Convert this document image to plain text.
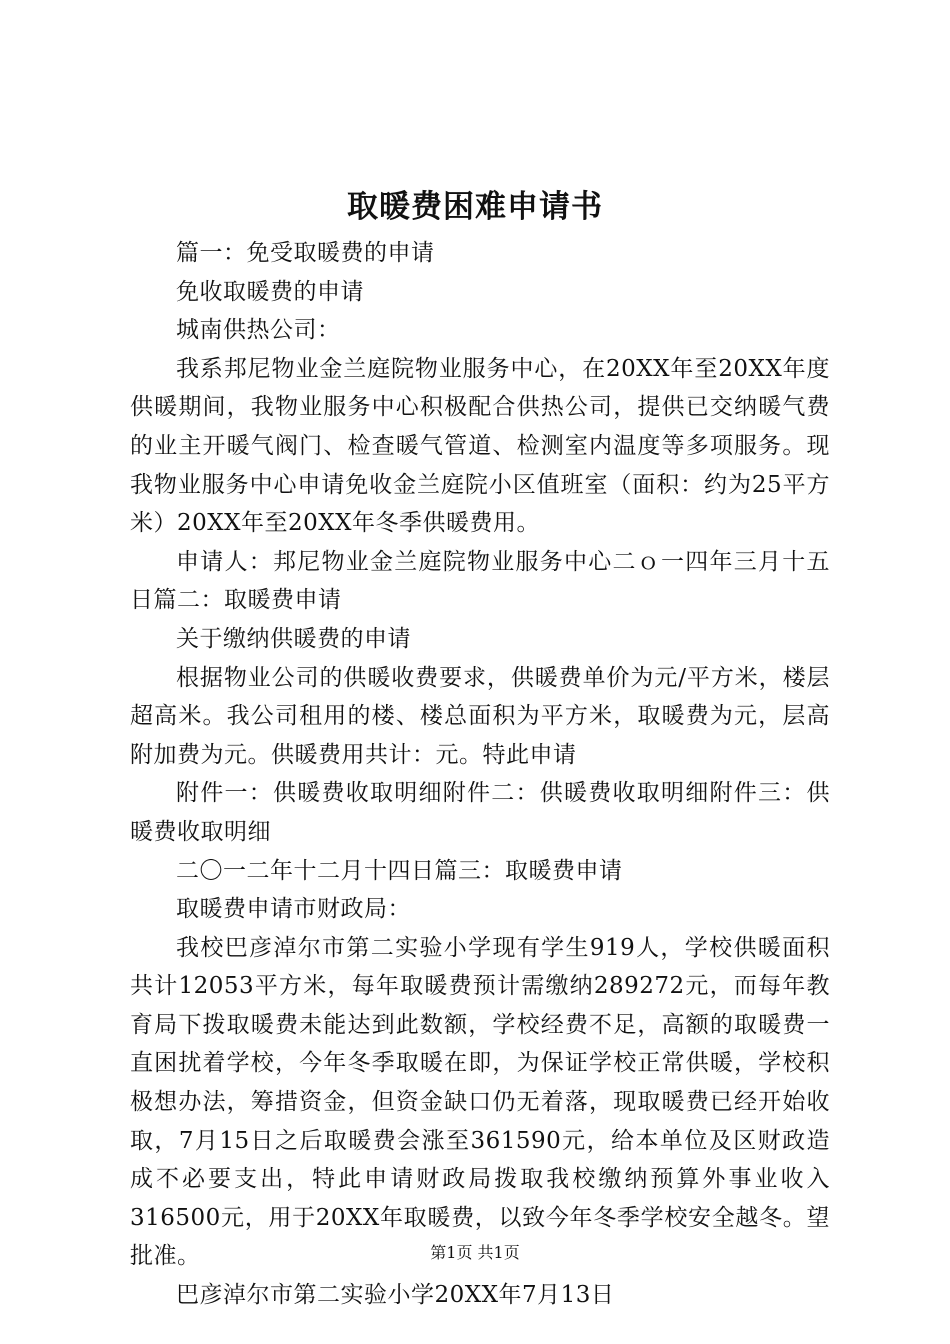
取暖费困难申请书

篇一：免受取暖费的申请

免收取暖费的申请

城南供热公司：

我系邦尼物业金兰庭院物业服务中心，在20XX年至20XX年度供暖期间，我物业服务中心积极配合供热公司，提供已交纳暖气费的业主开暖气阀门、检查暖气管道、检测室内温度等多项服务。现我物业服务中心申请免收金兰庭院小区值班室（面积：约为25平方米）20XX年至20XX年冬季供暖费用。

申请人：邦尼物业金兰庭院物业服务中心二ｏ一四年三月十五日篇二：取暖费申请

关于缴纳供暖费的申请

根据物业公司的供暖收费要求，供暖费单价为元/平方米，楼层超高米。我公司租用的楼、楼总面积为平方米，取暖费为元，层高附加费为元。供暖费用共计：元。特此申请

附件一：供暖费收取明细附件二：供暖费收取明细附件三：供暖费收取明细

二〇一二年十二月十四日篇三：取暖费申请

取暖费申请市财政局：

我校巴彦淖尔市第二实验小学现有学生919人，学校供暖面积共计12053平方米，每年取暖费预计需缴纳289272元，而每年教育局下拨取暖费未能达到此数额，学校经费不足，高额的取暖费一直困扰着学校，今年冬季取暖在即，为保证学校正常供暖，学校积极想办法，筹措资金，但资金缺口仍无着落，现取暖费已经开始收取，7月15日之后取暖费会涨至361590元，给本单位及区财政造成不必要支出，特此申请财政局拨取我校缴纳预算外事业收入316500元，用于20XX年取暖费，以致今年冬季学校安全越冬。望批准。

巴彦淖尔市第二实验小学20XX年7月13日

第1页 共1页
